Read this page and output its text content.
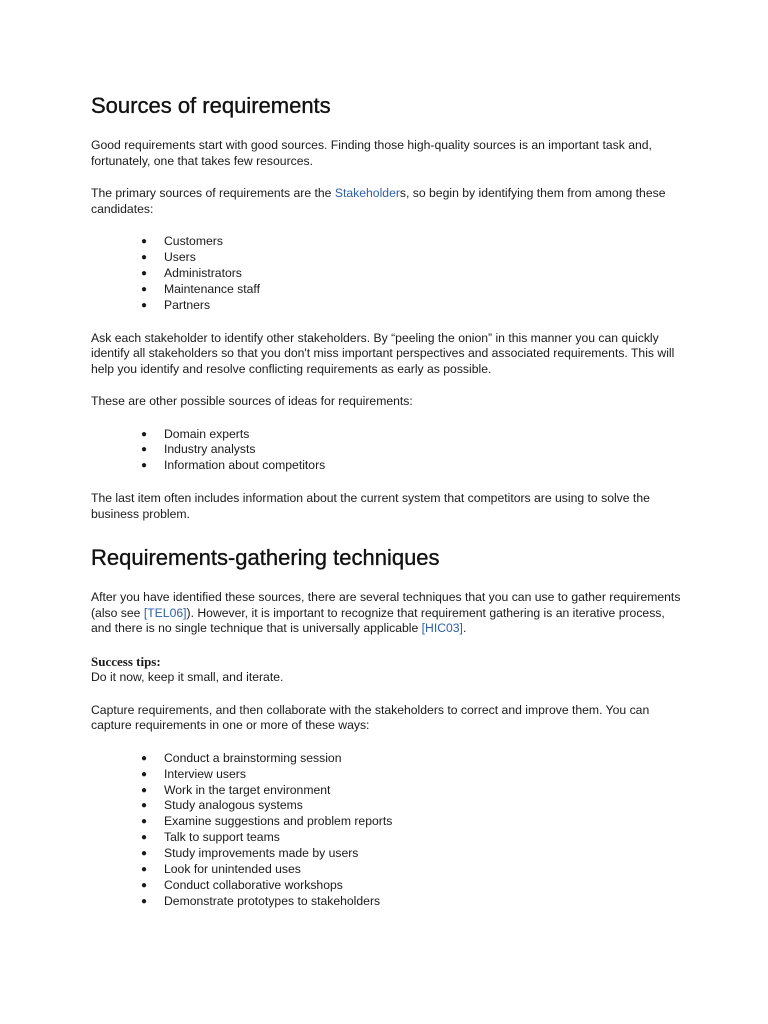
Sources of requirements

Good requirements start with good sources. Finding those high-quality sources is an important task and, fortunately, one that takes few resources.

The primary sources of requirements are the Stakeholders, so begin by identifying them from among these candidates:

● Customers
● Users
● Administrators
● Maintenance staff
● Partners

Ask each stakeholder to identify other stakeholders. By “peeling the onion” in this manner you can quickly identify all stakeholders so that you don't miss important perspectives and associated requirements. This will help you identify and resolve conflicting requirements as early as possible.

These are other possible sources of ideas for requirements:

● Domain experts
● Industry analysts
● Information about competitors

The last item often includes information about the current system that competitors are using to solve the business problem.

Requirements-gathering techniques

After you have identified these sources, there are several techniques that you can use to gather requirements (also see [TEL06]). However, it is important to recognize that requirement gathering is an iterative process, and there is no single technique that is universally applicable [HIC03].

Success tips:
Do it now, keep it small, and iterate.

Capture requirements, and then collaborate with the stakeholders to correct and improve them. You can capture requirements in one or more of these ways:

● Conduct a brainstorming session
● Interview users
● Work in the target environment
● Study analogous systems
● Examine suggestions and problem reports
● Talk to support teams
● Study improvements made by users
● Look for unintended uses
● Conduct collaborative workshops
● Demonstrate prototypes to stakeholders
